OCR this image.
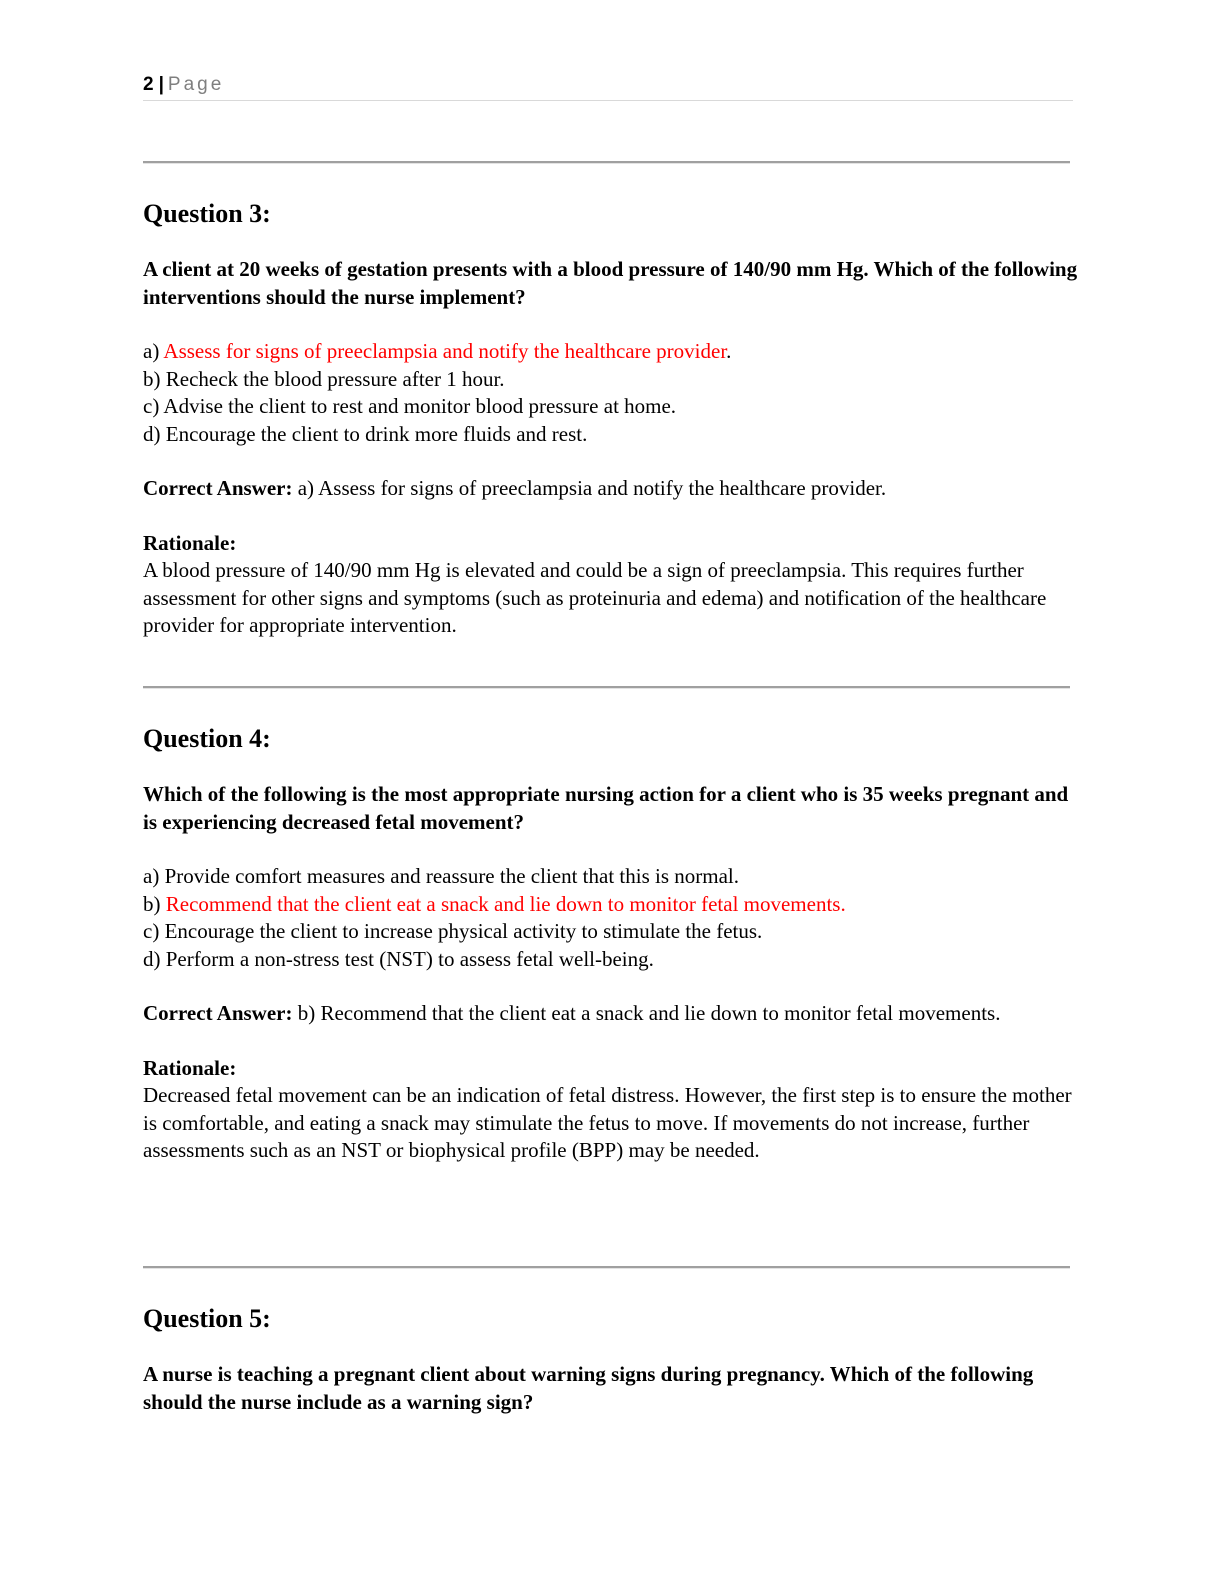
2 | Page
Question 3:

A client at 20 weeks of gestation presents with a blood pressure of 140/90 mm Hg. Which of the following interventions should the nurse implement?

a) Assess for signs of preeclampsia and notify the healthcare provider.
b) Recheck the blood pressure after 1 hour.
c) Advise the client to rest and monitor blood pressure at home.
d) Encourage the client to drink more fluids and rest.

Correct Answer: a) Assess for signs of preeclampsia and notify the healthcare provider.

Rationale:

A blood pressure of 140/90 mm Hg is elevated and could be a sign of preeclampsia. This requires further assessment for other signs and symptoms (such as proteinuria and edema) and notification of the healthcare provider for appropriate intervention.

Question 4:

Which of the following is the most appropriate nursing action for a client who is 35 weeks pregnant and is experiencing decreased fetal movement?

a) Provide comfort measures and reassure the client that this is normal.
b) Recommend that the client eat a snack and lie down to monitor fetal movements.
c) Encourage the client to increase physical activity to stimulate the fetus.
d) Perform a non-stress test (NST) to assess fetal well-being.

Correct Answer: b) Recommend that the client eat a snack and lie down to monitor fetal movements.

Rationale:

Decreased fetal movement can be an indication of fetal distress. However, the first step is to ensure the mother is comfortable, and eating a snack may stimulate the fetus to move. If movements do not increase, further assessments such as an NST or biophysical profile (BPP) may be needed.

Question 5:

A nurse is teaching a pregnant client about warning signs during pregnancy. Which of the following should the nurse include as a warning sign?
